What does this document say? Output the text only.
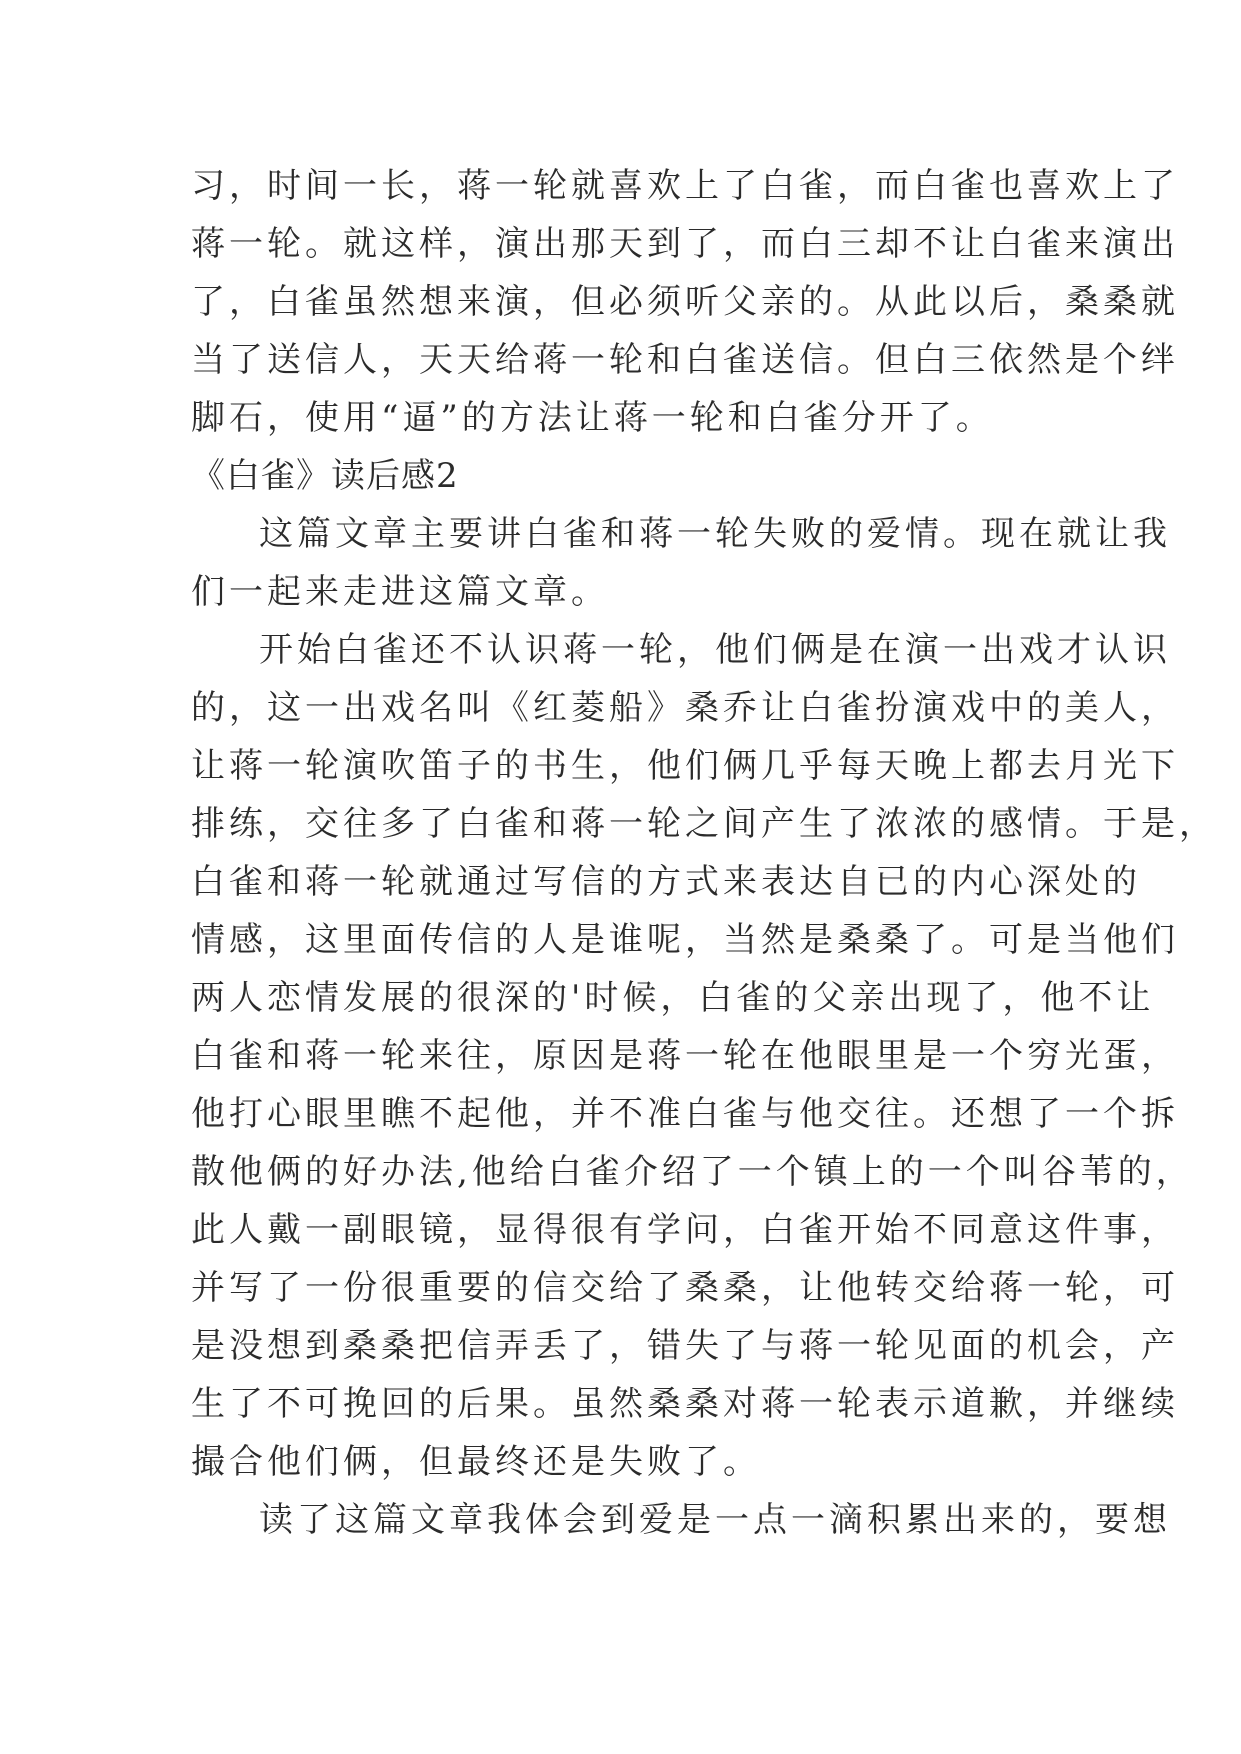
习，时间一长，蒋一轮就喜欢上了白雀，而白雀也喜欢上了
蒋一轮。就这样，演出那天到了，而白三却不让白雀来演出
了，白雀虽然想来演，但必须听父亲的。从此以后，桑桑就
当了送信人，天天给蒋一轮和白雀送信。但白三依然是个绊
脚石，使用“逼”的方法让蒋一轮和白雀分开了。
《白雀》读后感2
这篇文章主要讲白雀和蒋一轮失败的爱情。现在就让我
们一起来走进这篇文章。
开始白雀还不认识蒋一轮，他们俩是在演一出戏才认识
的，这一出戏名叫《红菱船》桑乔让白雀扮演戏中的美人，
让蒋一轮演吹笛子的书生，他们俩几乎每天晚上都去月光下
排练，交往多了白雀和蒋一轮之间产生了浓浓的感情。于是，
白雀和蒋一轮就通过写信的方式来表达自已的内心深处的
情感，这里面传信的人是谁呢，当然是桑桑了。可是当他们
两人恋情发展的很深的'时候，白雀的父亲出现了，他不让
白雀和蒋一轮来往，原因是蒋一轮在他眼里是一个穷光蛋，
他打心眼里瞧不起他，并不准白雀与他交往。还想了一个拆
散他俩的好办法,他给白雀介绍了一个镇上的一个叫谷苇的，
此人戴一副眼镜，显得很有学问，白雀开始不同意这件事，
并写了一份很重要的信交给了桑桑，让他转交给蒋一轮，可
是没想到桑桑把信弄丢了，错失了与蒋一轮见面的机会，产
生了不可挽回的后果。虽然桑桑对蒋一轮表示道歉，并继续
撮合他们俩，但最终还是失败了。
读了这篇文章我体会到爱是一点一滴积累出来的，要想
